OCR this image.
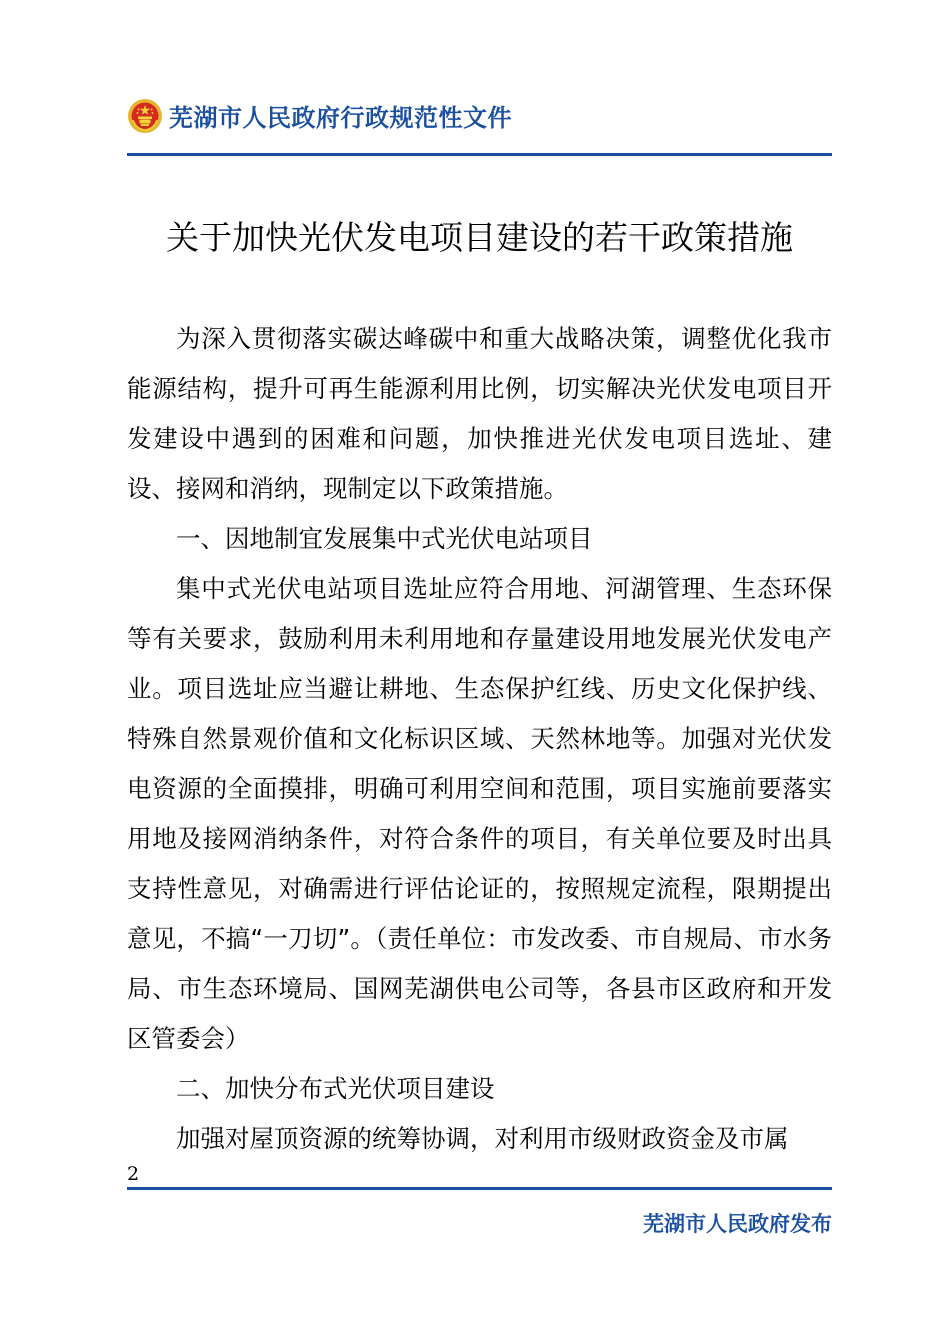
芜湖市人民政府行政规范性文件
关于加快光伏发电项目建设的若干政策措施

为深入贯彻落实碳达峰碳中和重大战略决策，调整优化我市能源结构，提升可再生能源利用比例，切实解决光伏发电项目开发建设中遇到的困难和问题，加快推进光伏发电项目选址、建设、接网和消纳，现制定以下政策措施。

一、因地制宜发展集中式光伏电站项目

集中式光伏电站项目选址应符合用地、河湖管理、生态环保等有关要求，鼓励利用未利用地和存量建设用地发展光伏发电产业。项目选址应当避让耕地、生态保护红线、历史文化保护线、特殊自然景观价值和文化标识区域、天然林地等。加强对光伏发电资源的全面摸排，明确可利用空间和范围，项目实施前要落实用地及接网消纳条件，对符合条件的项目，有关单位要及时出具支持性意见，对确需进行评估论证的，按照规定流程，限期提出意见，不搞“一刀切”。（责任单位：市发改委、市自规局、市水务局、市生态环境局、国网芜湖供电公司等，各县市区政府和开发区管委会）

二、加快分布式光伏项目建设

加强对屋顶资源的统筹协调，对利用市级财政资金及市属

2
芜湖市人民政府发布
